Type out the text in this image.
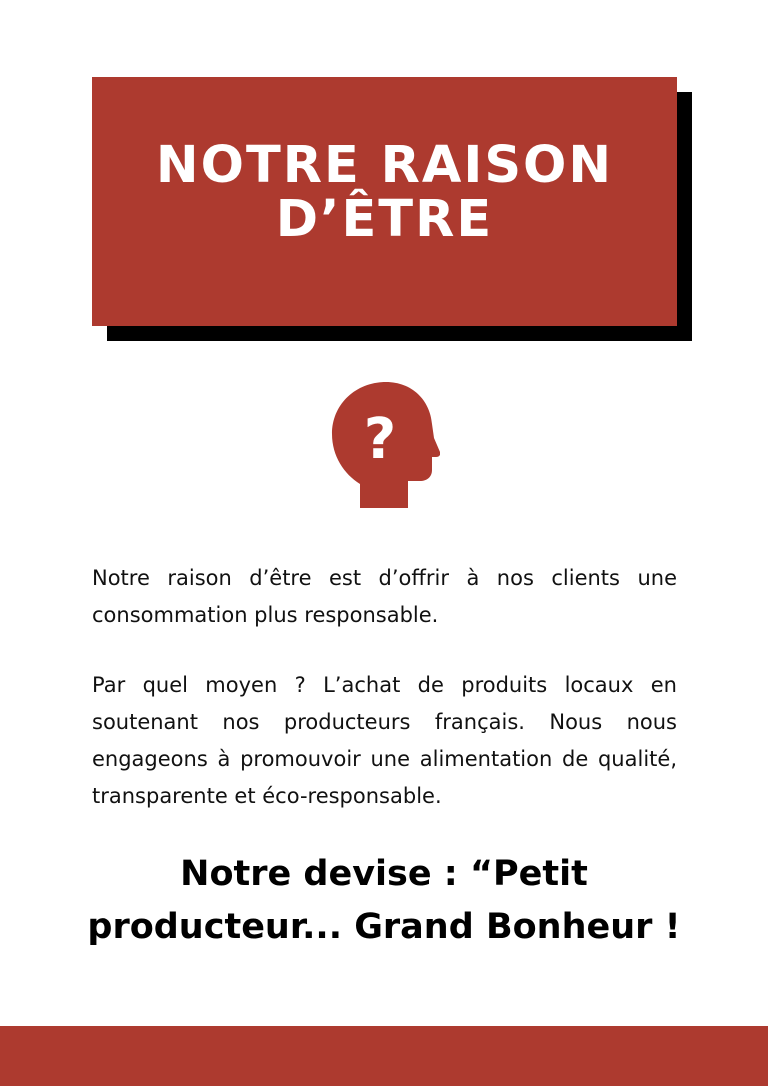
NOTRE RAISON
D’ÊTRE
?

Notre raison d’être est d’offrir à nos clients une consommation plus responsable.

Par quel moyen ? L’achat de produits locaux en soutenant nos producteurs français. Nous nous engageons à promouvoir une alimentation de qualité, transparente et éco-responsable.

Notre devise : “Petit
producteur... Grand Bonheur !
